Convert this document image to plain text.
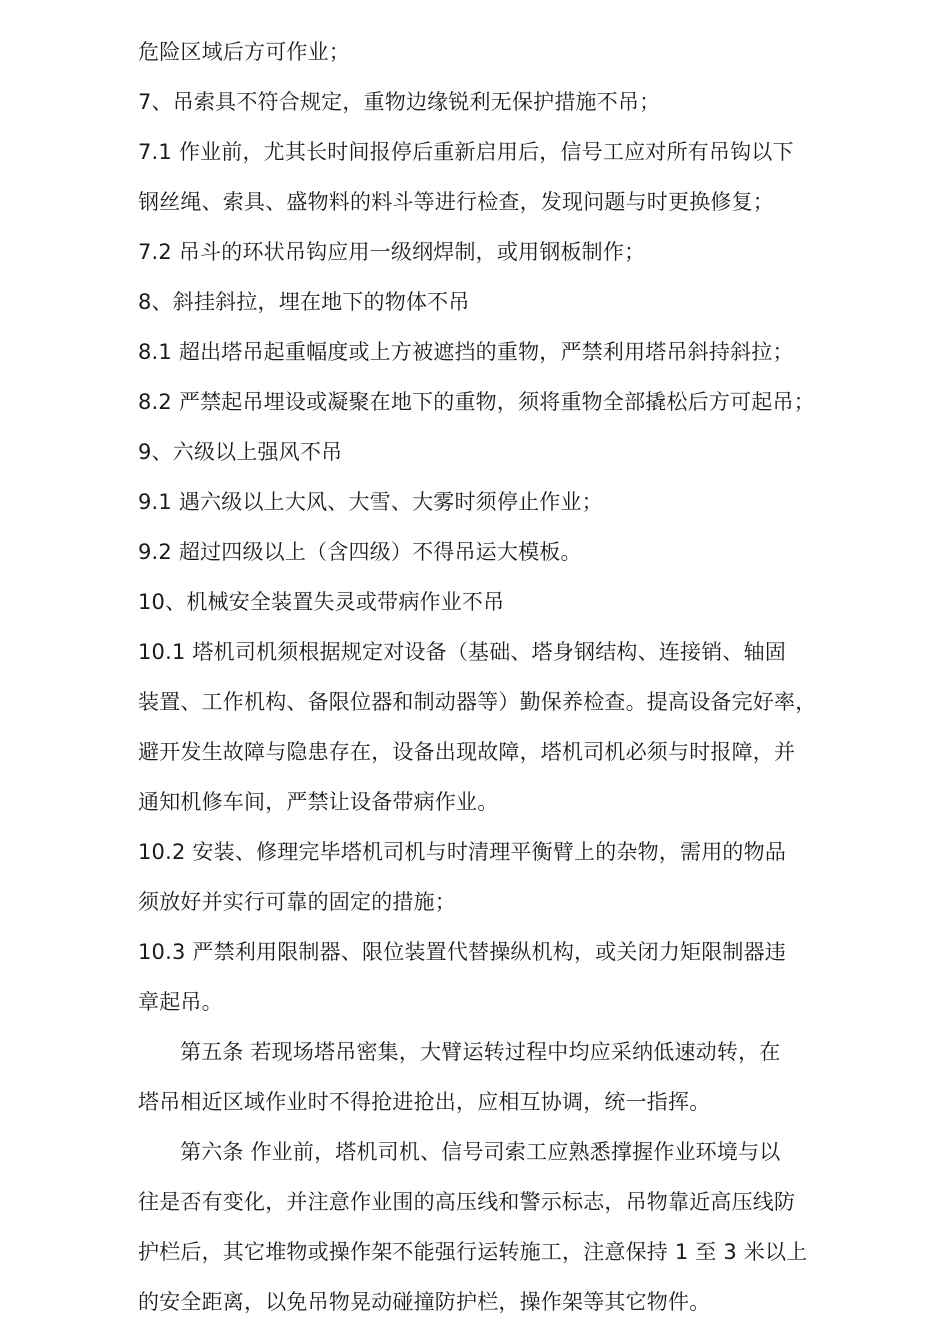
危险区域后方可作业；
7、吊索具不符合规定，重物边缘锐利无保护措施不吊；
7.1 作业前，尤其长时间报停后重新启用后，信号工应对所有吊钩以下
钢丝绳、索具、盛物料的料斗等进行检查，发现问题与时更换修复；
7.2 吊斗的环状吊钩应用一级纲焊制，或用钢板制作；
8、斜挂斜拉，埋在地下的物体不吊
8.1 超出塔吊起重幅度或上方被遮挡的重物，严禁利用塔吊斜持斜拉；
8.2 严禁起吊埋设或凝聚在地下的重物，须将重物全部撬松后方可起吊；
9、六级以上强风不吊
9.1 遇六级以上大风、大雪、大雾时须停止作业；
9.2 超过四级以上（含四级）不得吊运大模板。
10、机械安全装置失灵或带病作业不吊
10.1 塔机司机须根据规定对设备（基础、塔身钢结构、连接销、轴固
装置、工作机构、备限位器和制动器等）勤保养检查。提高设备完好率，
避开发生故障与隐患存在，设备出现故障，塔机司机必须与时报障，并
通知机修车间，严禁让设备带病作业。
10.2 安装、修理完毕塔机司机与时清理平衡臂上的杂物，需用的物品
须放好并实行可靠的固定的措施；
10.3 严禁利用限制器、限位装置代替操纵机构，或关闭力矩限制器违
章起吊。
第五条 若现场塔吊密集，大臂运转过程中均应采纳低速动转，在
塔吊相近区域作业时不得抢进抢出，应相互协调，统一指挥。
第六条 作业前，塔机司机、信号司索工应熟悉撑握作业环境与以
往是否有变化，并注意作业围的高压线和警示标志，吊物靠近高压线防
护栏后，其它堆物或操作架不能强行运转施工，注意保持 1 至 3 米以上
的安全距离，以免吊物晃动碰撞防护栏，操作架等其它物件。
